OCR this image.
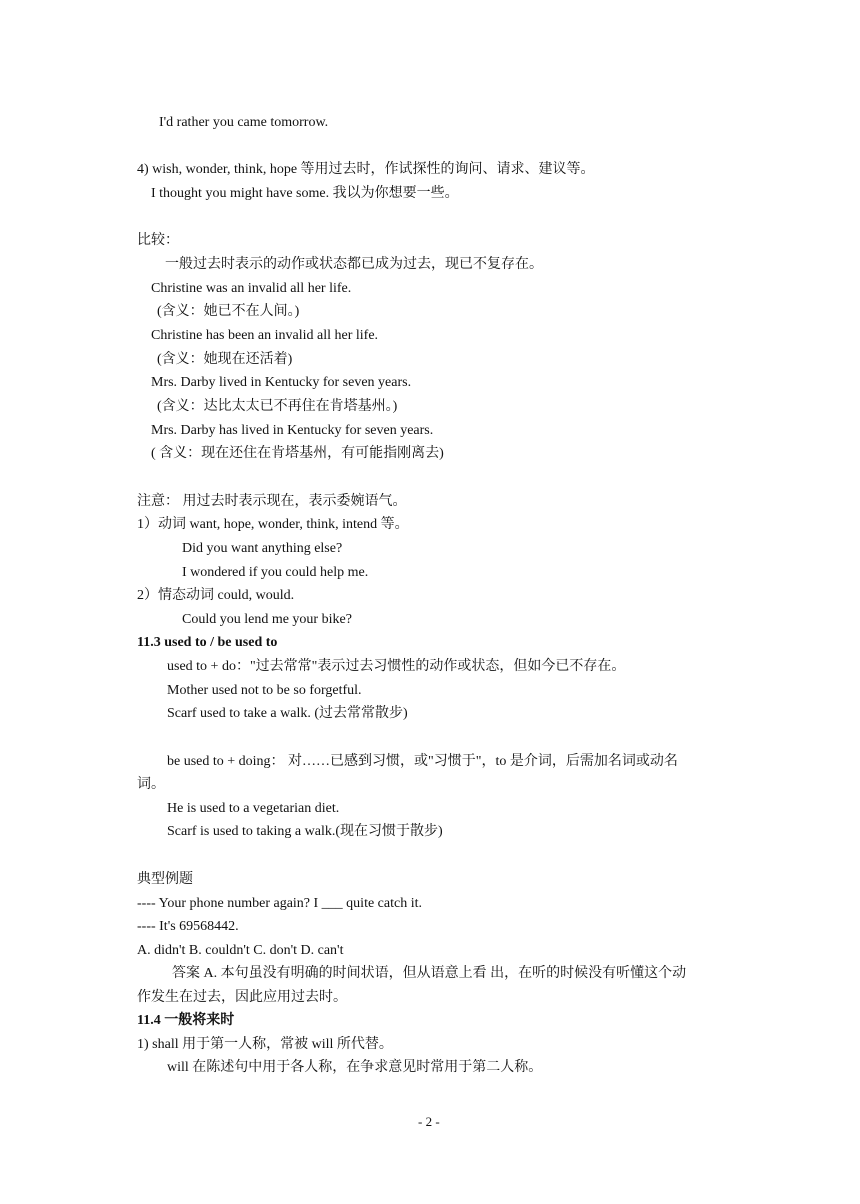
I'd rather you came tomorrow.
4) wish, wonder, think, hope 等用过去时，作试探性的询问、请求、建议等。
I thought you might have some. 我以为你想要一些。
比较：
一般过去时表示的动作或状态都已成为过去，现已不复存在。
Christine was an invalid all her life.
(含义：她已不在人间。)
Christine has been an invalid all her life.
(含义：她现在还活着)
Mrs. Darby lived in Kentucky for seven years.
(含义：达比太太已不再住在肯塔基州。)
Mrs. Darby has lived in Kentucky for seven years.
( 含义：现在还住在肯塔基州，有可能指刚离去)
注意： 用过去时表示现在，表示委婉语气。
1）动词 want, hope, wonder, think, intend 等。
Did you want anything else?
I wondered if you could help me.
2）情态动词 could, would.
Could you lend me your bike?
11.3 used to / be used to
used to + do："过去常常"表示过去习惯性的动作或状态，但如今已不存在。
Mother used not to be so forgetful.
Scarf used to take a walk. (过去常常散步)
be used to + doing： 对……已感到习惯，或"习惯于"，to 是介词，后需加名词或动名
词。
He is used to a vegetarian diet.
Scarf is used to taking a walk.(现在习惯于散步)
典型例题
---- Your phone number again? I ___ quite catch it.
---- It's 69568442.
A. didn't B. couldn't C. don't D. can't
答案 A. 本句虽没有明确的时间状语，但从语意上看 出，在听的时候没有听懂这个动
作发生在过去，因此应用过去时。
11.4 一般将来时
1) shall 用于第一人称，常被 will 所代替。
will 在陈述句中用于各人称，在争求意见时常用于第二人称。
- 2 -
